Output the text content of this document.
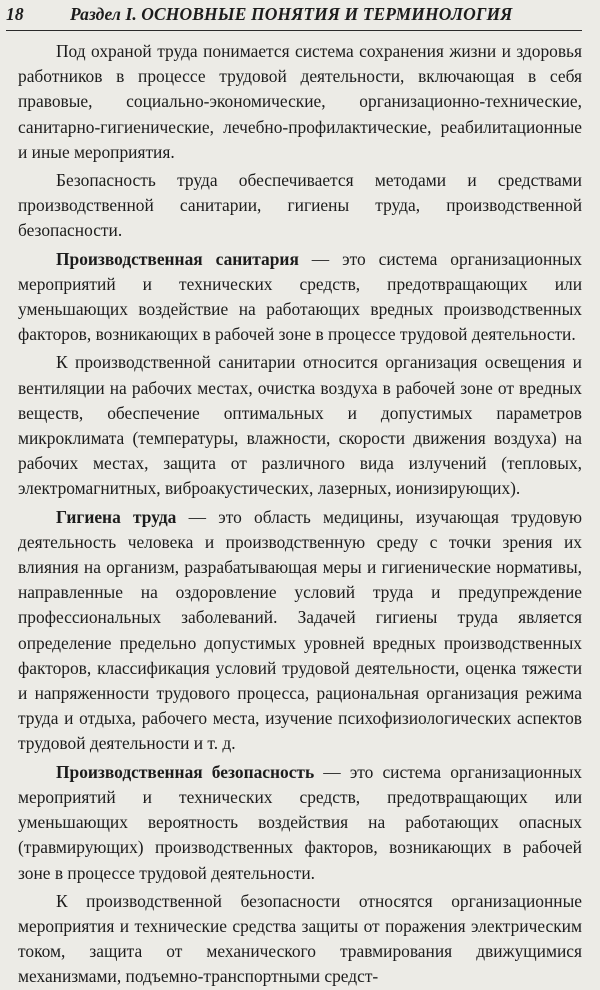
18	Раздел I. ОСНОВНЫЕ ПОНЯТИЯ И ТЕРМИНОЛОГИЯ

Под охраной труда понимается система сохранения жизни и здоровья работников в процессе трудовой деятельности, включающая в себя правовые, социально-экономические, организационно-технические, санитарно-гигиенические, лечебно-профилактические, реабилитационные и иные мероприятия.

Безопасность труда обеспечивается методами и средствами производственной санитарии, гигиены труда, производственной безопасности.

Производственная санитария — это система организационных мероприятий и технических средств, предотвращающих или уменьшающих воздействие на работающих вредных производственных факторов, возникающих в рабочей зоне в процессе трудовой деятельности.

К производственной санитарии относится организация освещения и вентиляции на рабочих местах, очистка воздуха в рабочей зоне от вредных веществ, обеспечение оптимальных и допустимых параметров микроклимата (температуры, влажности, скорости движения воздуха) на рабочих местах, защита от различного вида излучений (тепловых, электромагнитных, виброакустических, лазерных, ионизирующих).

Гигиена труда — это область медицины, изучающая трудовую деятельность человека и производственную среду с точки зрения их влияния на организм, разрабатывающая меры и гигиенические нормативы, направленные на оздоровление условий труда и предупреждение профессиональных заболеваний. Задачей гигиены труда является определение предельно допустимых уровней вредных производственных факторов, классификация условий трудовой деятельности, оценка тяжести и напряженности трудового процесса, рациональная организация режима труда и отдыха, рабочего места, изучение психофизиологических аспектов трудовой деятельности и т. д.

Производственная безопасность — это система организационных мероприятий и технических средств, предотвращающих или уменьшающих вероятность воздействия на работающих опасных (травмирующих) производственных факторов, возникающих в рабочей зоне в процессе трудовой деятельности.

К производственной безопасности относятся организационные мероприятия и технические средства защиты от поражения электрическим током, защита от механического травмирования движущимися механизмами, подъемно-транспортными средст-
